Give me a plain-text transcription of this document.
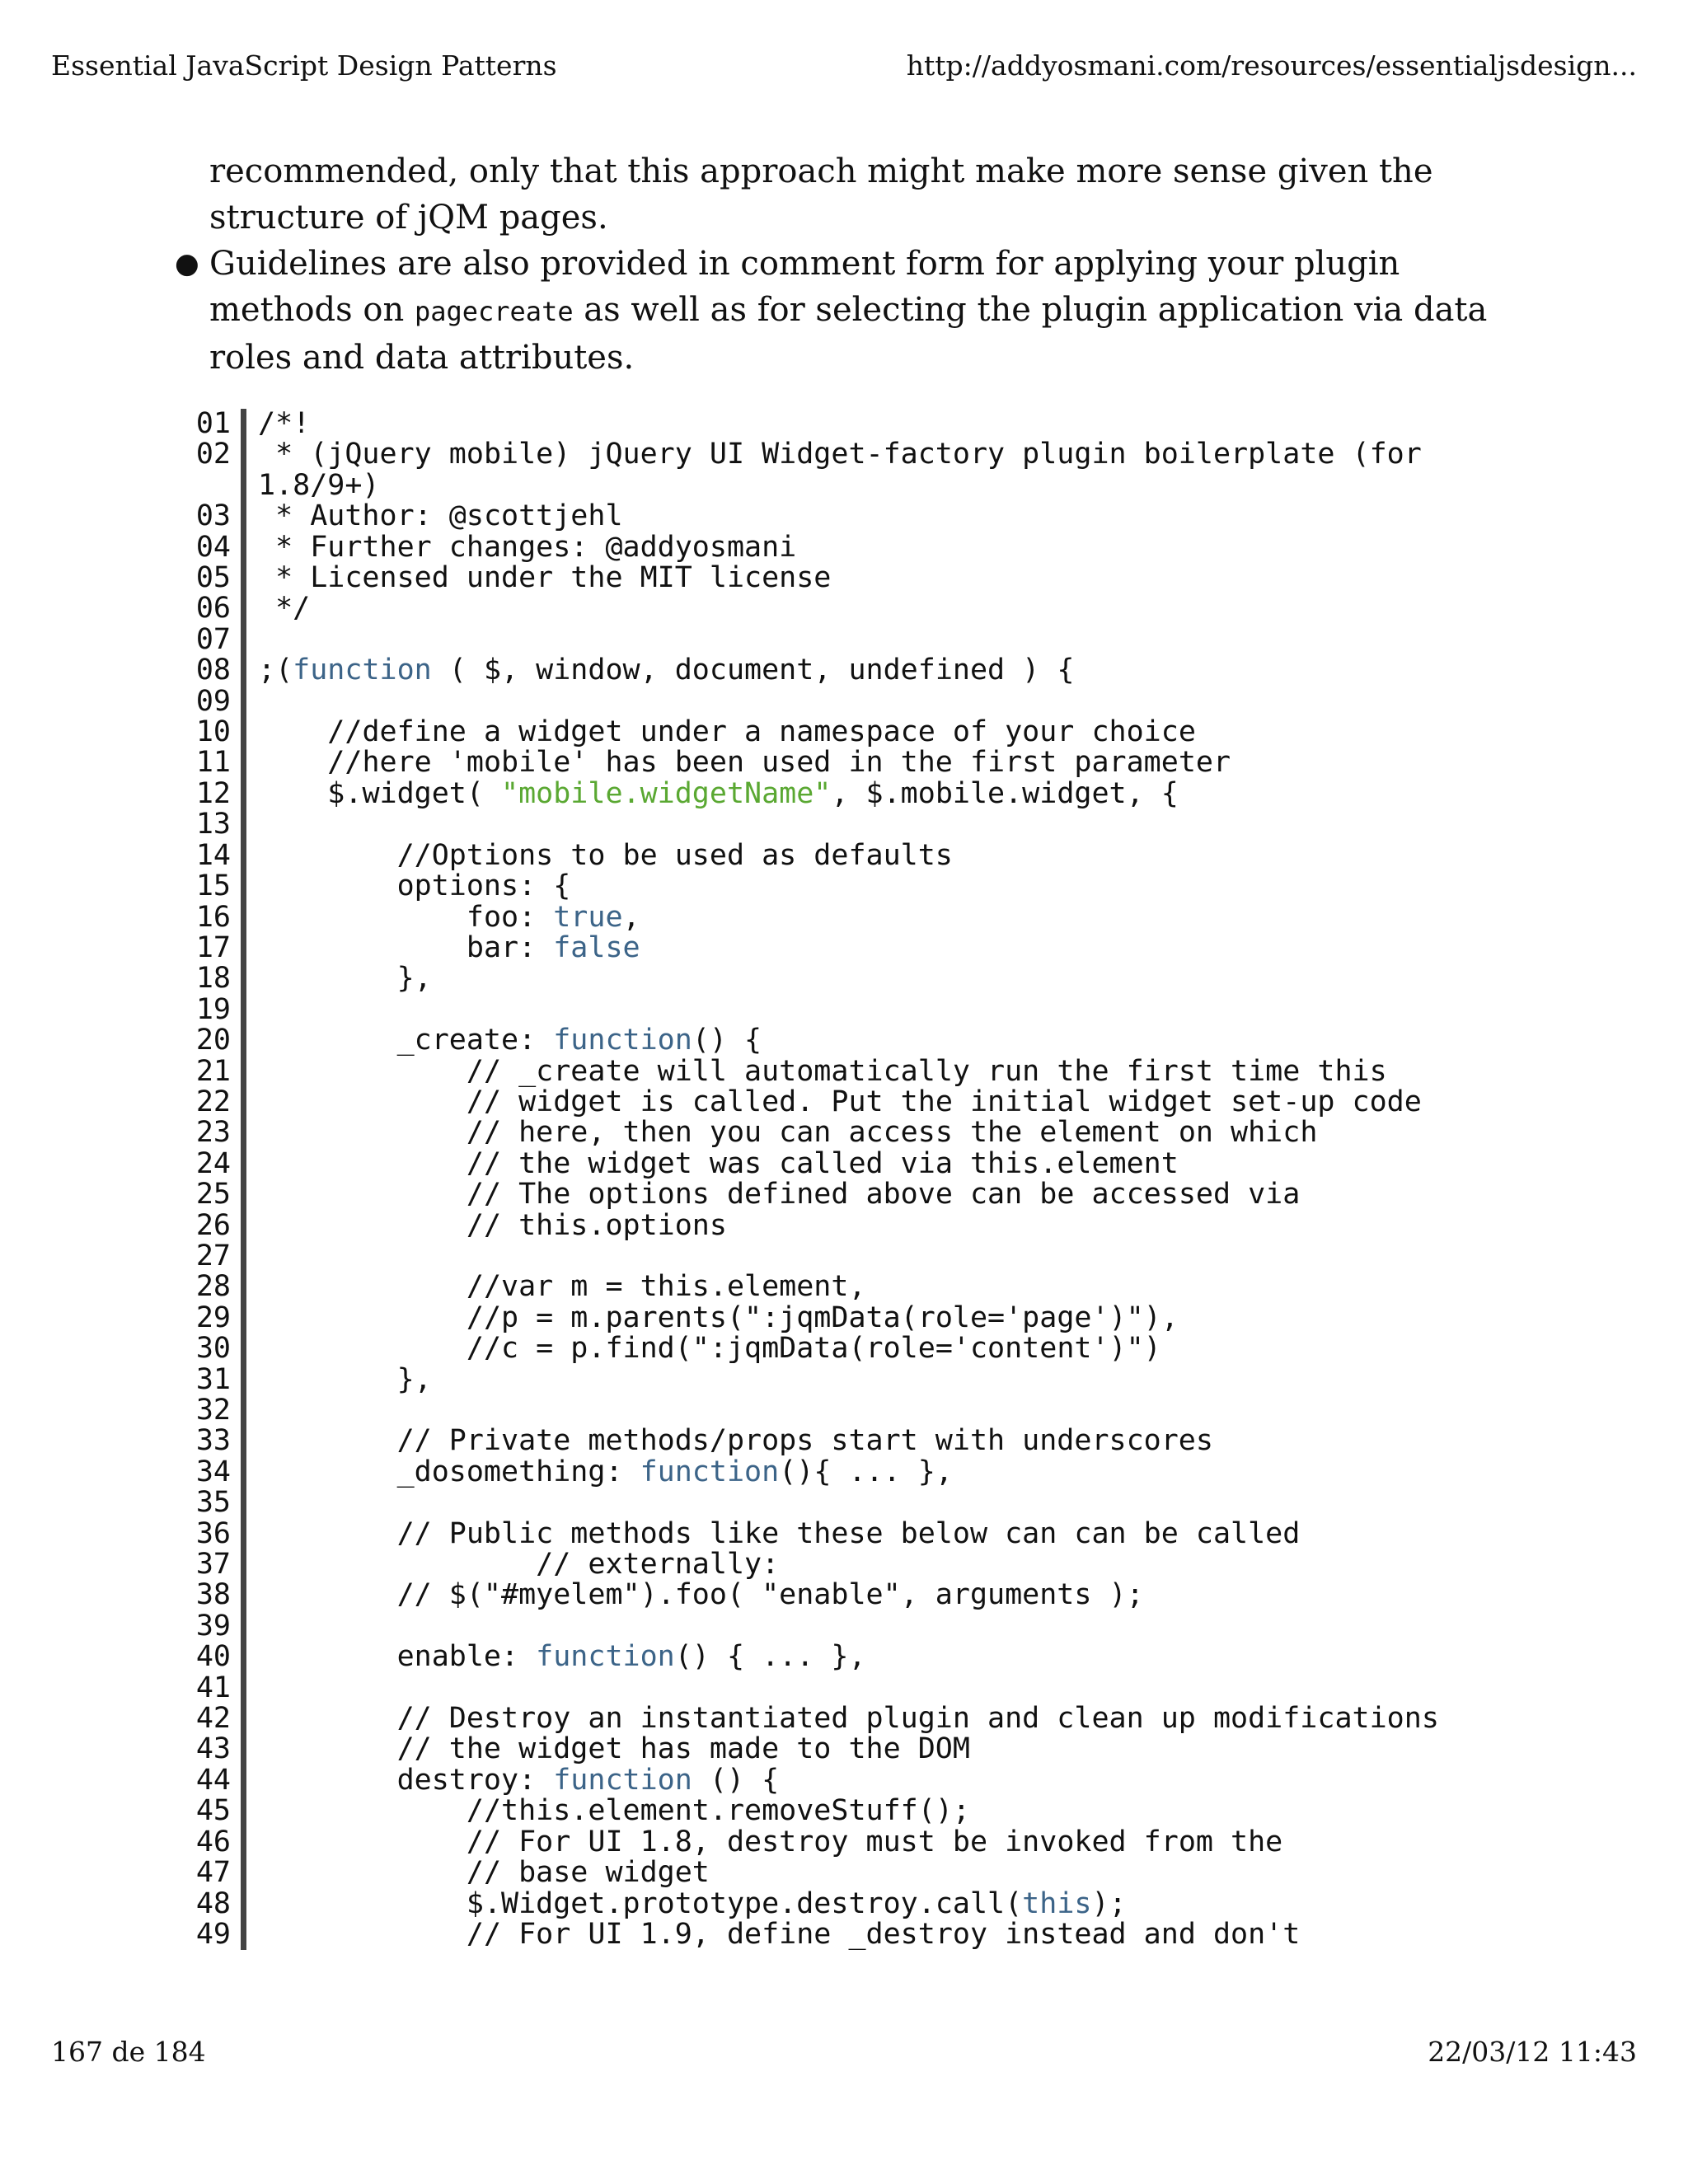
Essential JavaScript Design Patterns	http://addyosmani.com/resources/essentialjsdesign...

recommended, only that this approach might make more sense given the structure of jQM pages.

● Guidelines are also provided in comment form for applying your plugin methods on pagecreate as well as for selecting the plugin application via data roles and data attributes.
01 /*!
02 * (jQuery mobile) jQuery UI Widget-factory plugin boilerplate (for 1.8/9+)
03 * Author: @scottjehl
04 * Further changes: @addyosmani
05 * Licensed under the MIT license
06 */
07
08 ;(function ( $, window, document, undefined ) {
09
10 //define a widget under a namespace of your choice
11 //here 'mobile' has been used in the first parameter
12 $.widget( "mobile.widgetName", $.mobile.widget, {
13
14 //Options to be used as defaults
15 options: {
16 foo: true,
17 bar: false
18 },
19
20 _create: function() {
21 // _create will automatically run the first time this
22 // widget is called. Put the initial widget set-up code
23 // here, then you can access the element on which
24 // the widget was called via this.element
25 // The options defined above can be accessed via
26 // this.options
27
28 //var m = this.element,
29 //p = m.parents(":jqmData(role='page')"),
30 //c = p.find(":jqmData(role='content')")
31 },
32
33 // Private methods/props start with underscores
34 _dosomething: function(){ ... },
35
36 // Public methods like these below can can be called
37 // externally:
38 // $("#myelem").foo( "enable", arguments );
39
40 enable: function() { ... },
41
42 // Destroy an instantiated plugin and clean up modifications
43 // the widget has made to the DOM
44 destroy: function () {
45 //this.element.removeStuff();
46 // For UI 1.8, destroy must be invoked from the
47 // base widget
48 $.Widget.prototype.destroy.call(this);
49 // For UI 1.9, define _destroy instead and don't
167 de 184	22/03/12 11:43
